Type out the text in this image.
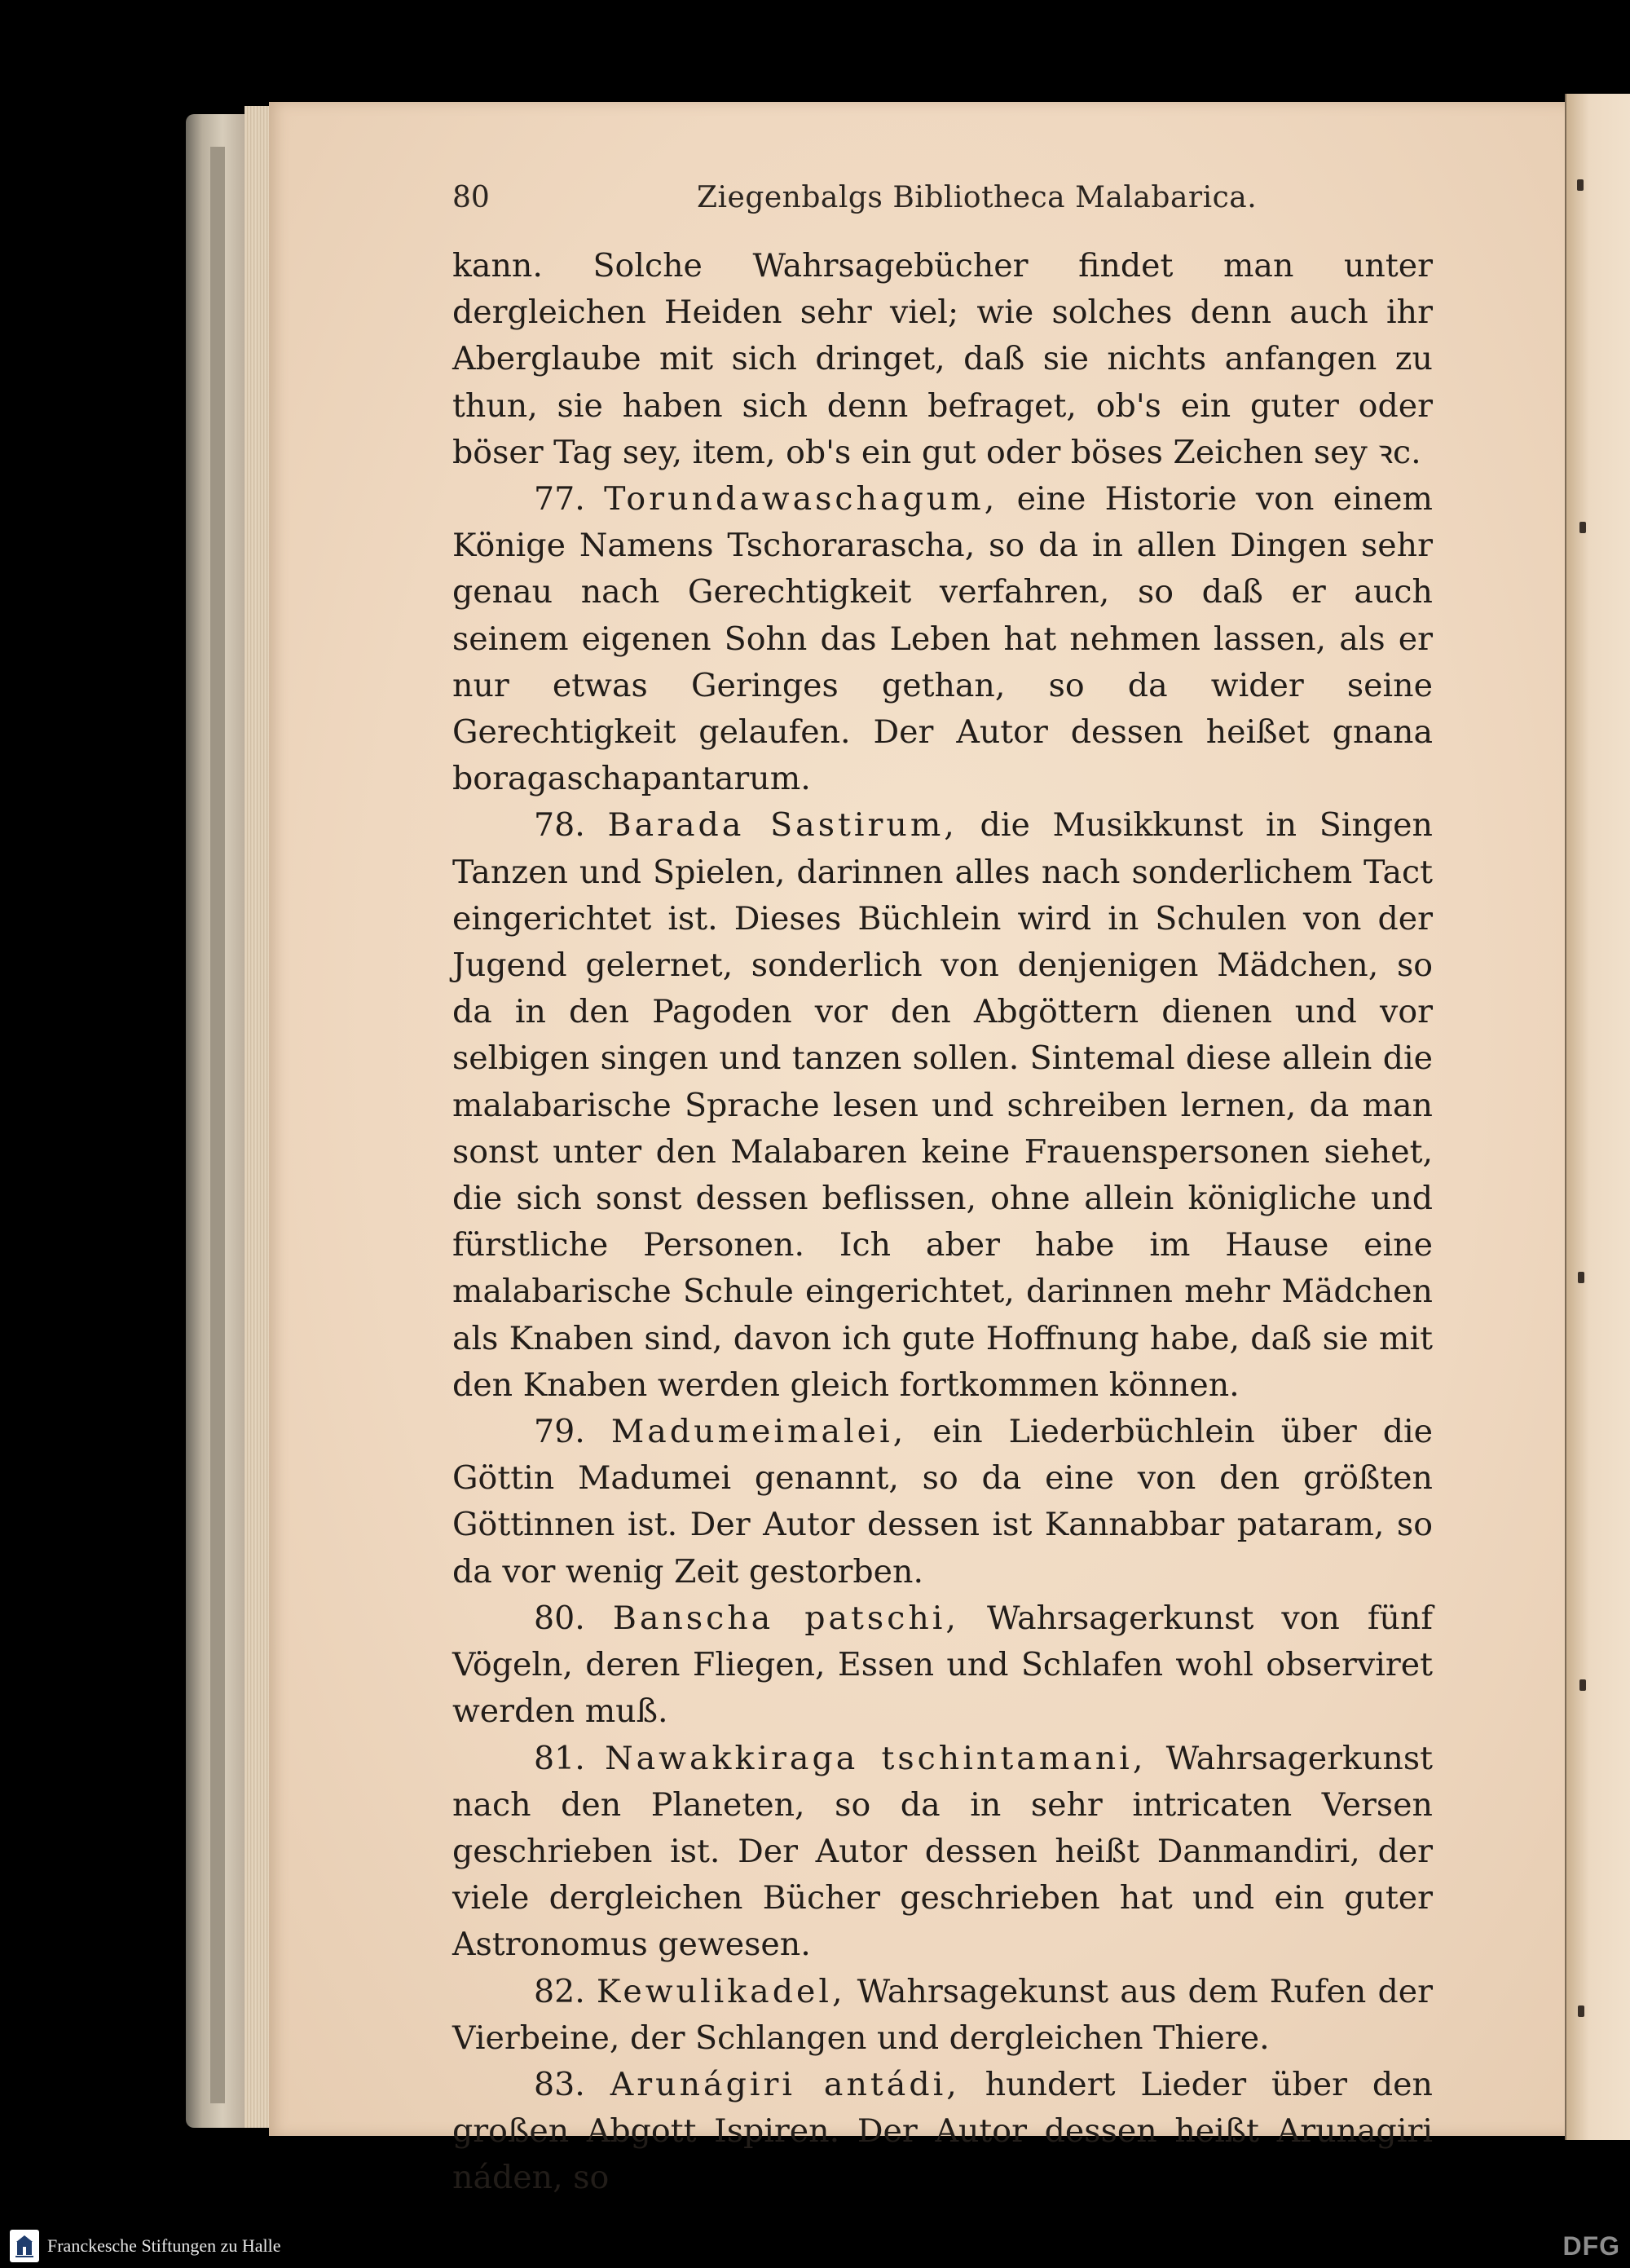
80	Ziegenbalgs Bibliotheca Malabarica.

kann. Solche Wahrsagebücher findet man unter dergleichen Heiden sehr viel; wie solches denn auch ihr Aberglaube mit sich dringet, daß sie nichts anfangen zu thun, sie haben sich denn befraget, ob's ein guter oder böser Tag sey, item, ob's ein gut oder böses Zeichen sey ꝛc.

77. Torundawaschagum, eine Historie von einem Könige Namens Tschorarascha, so da in allen Dingen sehr genau nach Gerechtigkeit verfahren, so daß er auch seinem eigenen Sohn das Leben hat nehmen lassen, als er nur etwas Geringes gethan, so da wider seine Gerechtigkeit gelaufen. Der Autor dessen heißet gnana boragaschapantarum.

78. Barada Sastirum, die Musikkunst in Singen Tanzen und Spielen, darinnen alles nach sonderlichem Tact eingerichtet ist. Dieses Büchlein wird in Schulen von der Jugend gelernet, sonderlich von denjenigen Mädchen, so da in den Pagoden vor den Abgöttern dienen und vor selbigen singen und tanzen sollen. Sintemal diese allein die malabarische Sprache lesen und schreiben lernen, da man sonst unter den Malabaren keine Frauenspersonen siehet, die sich sonst dessen beflissen, ohne allein königliche und fürstliche Personen. Ich aber habe im Hause eine malabarische Schule eingerichtet, darinnen mehr Mädchen als Knaben sind, davon ich gute Hoffnung habe, daß sie mit den Knaben werden gleich fortkommen können.

79. Madumeimalei, ein Liederbüchlein über die Göttin Madumei genannt, so da eine von den größten Göttinnen ist. Der Autor dessen ist Kannabbar pataram, so da vor wenig Zeit gestorben.

80. Banscha patschi, Wahrsagerkunst von fünf Vögeln, deren Fliegen, Essen und Schlafen wohl observiret werden muß.

81. Nawakkiraga tschintamani, Wahrsagerkunst nach den Planeten, so da in sehr intricaten Versen geschrieben ist. Der Autor dessen heißt Danmandiri, der viele dergleichen Bücher geschrieben hat und ein guter Astronomus gewesen.

82. Kewulikadel, Wahrsagekunst aus dem Rufen der Vierbeine, der Schlangen und dergleichen Thiere.

83. Arunágiri antádi, hundert Lieder über den großen Abgott Ispiren. Der Autor dessen heißt Arunagiri náden, so

Franckesche Stiftungen zu Halle	DFG
